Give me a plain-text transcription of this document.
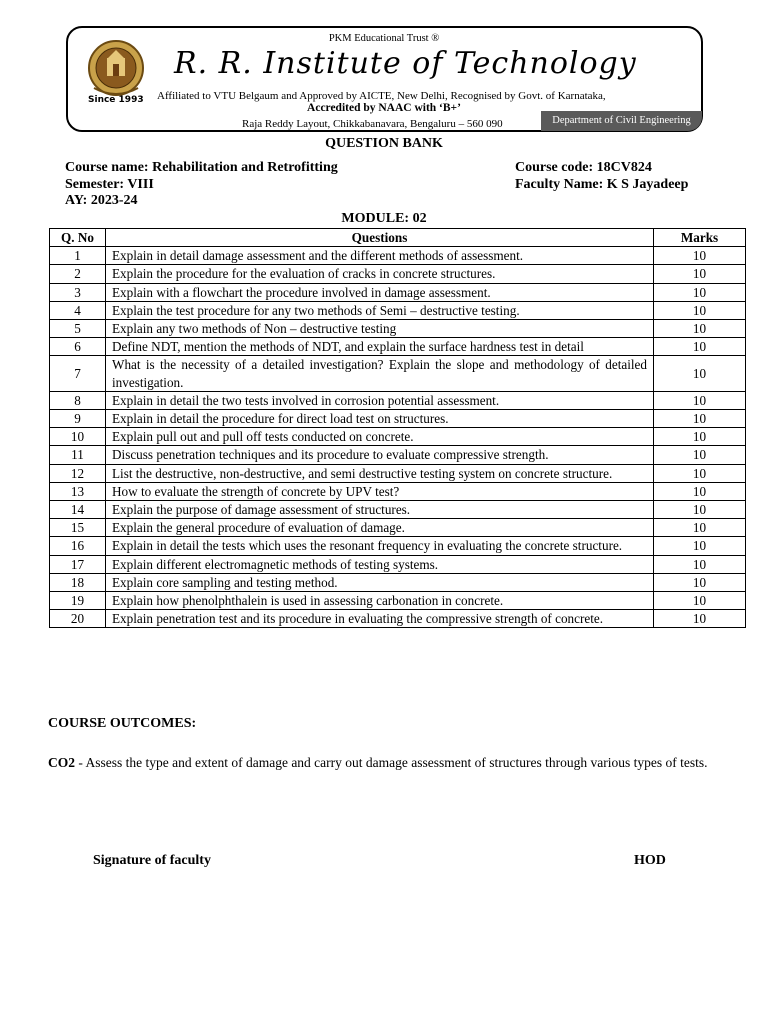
PKM Educational Trust ®
Since 1993
R. R. Institute of Technology
Affiliated to VTU Belgaum and Approved by AICTE, New Delhi, Recognised by Govt. of Karnataka,
Accredited by NAAC with ‘B+’
Raja Reddy Layout, Chikkabanavara, Bengaluru – 560 090	Department of Civil Engineering
QUESTION BANK
Course name: Rehabilitation and Retrofitting	Course code: 18CV824
Semester: VIII	Faculty Name: K S Jayadeep
AY: 2023-24
MODULE: 02
Q. No	Questions	Marks
1	Explain in detail damage assessment and the different methods of assessment.	10
2	Explain the procedure for the evaluation of cracks in concrete structures.	10
3	Explain with a flowchart the procedure involved in damage assessment.	10
4	Explain the test procedure for any two methods of Semi – destructive testing.	10
5	Explain any two methods of Non – destructive testing	10
6	Define NDT, mention the methods of NDT, and explain the surface hardness test in detail	10
7	What is the necessity of a detailed investigation? Explain the slope and methodology of detailed investigation.	10
8	Explain in detail the two tests involved in corrosion potential assessment.	10
9	Explain in detail the procedure for direct load test on structures.	10
10	Explain pull out and pull off tests conducted on concrete.	10
11	Discuss penetration techniques and its procedure to evaluate compressive strength.	10
12	List the destructive, non-destructive, and semi destructive testing system on concrete structure.	10
13	How to evaluate the strength of concrete by UPV test?	10
14	Explain the purpose of damage assessment of structures.	10
15	Explain the general procedure of evaluation of damage.	10
16	Explain in detail the tests which uses the resonant frequency in evaluating the concrete structure.	10
17	Explain different electromagnetic methods of testing systems.	10
18	Explain core sampling and testing method.	10
19	Explain how phenolphthalein is used in assessing carbonation in concrete.	10
20	Explain penetration test and its procedure in evaluating the compressive strength of concrete.	10
COURSE OUTCOMES:
CO2 - Assess the type and extent of damage and carry out damage assessment of structures through various types of tests.
Signature of faculty	HOD
